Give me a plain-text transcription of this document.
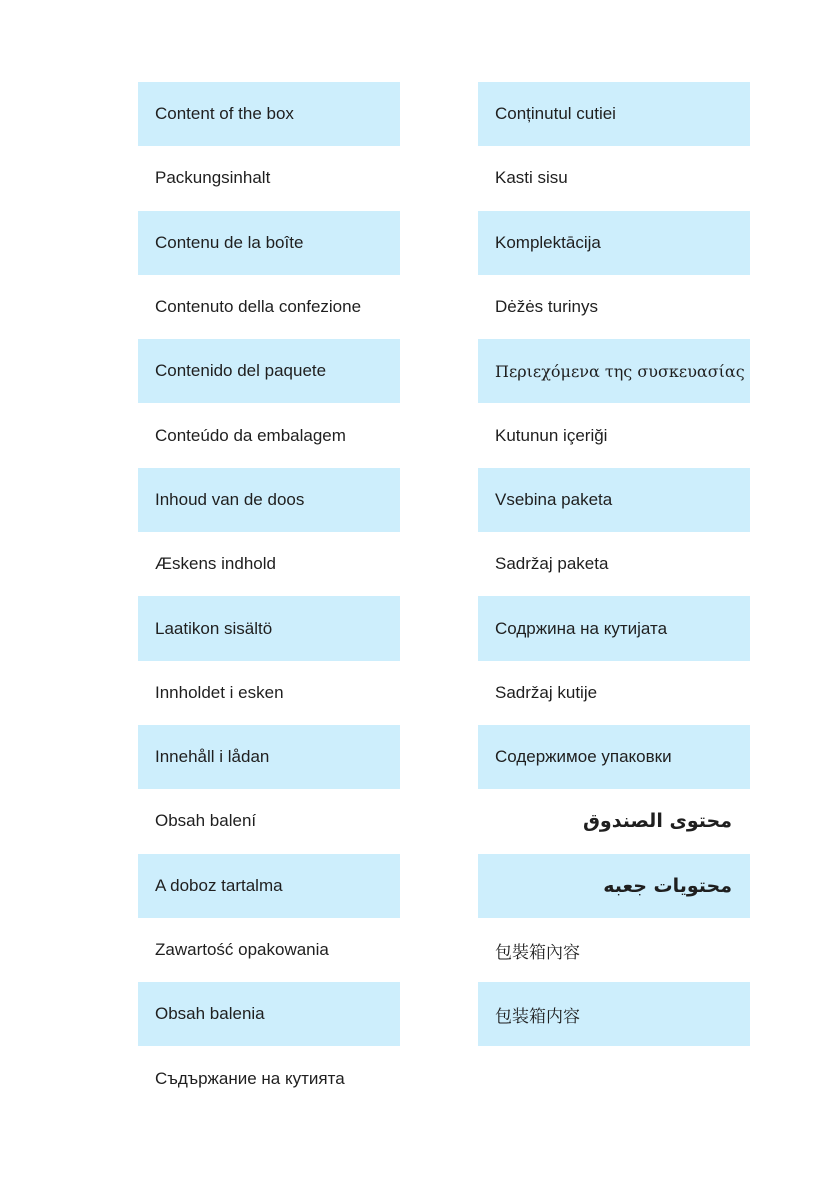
Content of the box
Packungsinhalt
Contenu de la boîte
Contenuto della confezione
Contenido del paquete
Conteúdo da embalagem
Inhoud van de doos
Æskens indhold
Laatikon sisältö
Innholdet i esken
Innehåll i lådan
Obsah balení
A doboz tartalma
Zawartość opakowania
Obsah balenia
Съдържание на кутията
Conținutul cutiei
Kasti sisu
Komplektācija
Dėžės turinys
Περιεχόμενα της συσκευασίας
Kutunun içeriği
Vsebina paketa
Sadržaj paketa
Содржина на кутијата
Sadržaj kutije
Содержимое упаковки
محتوى الصندوق
محتويات جعبه
包裝箱內容
包装箱内容
